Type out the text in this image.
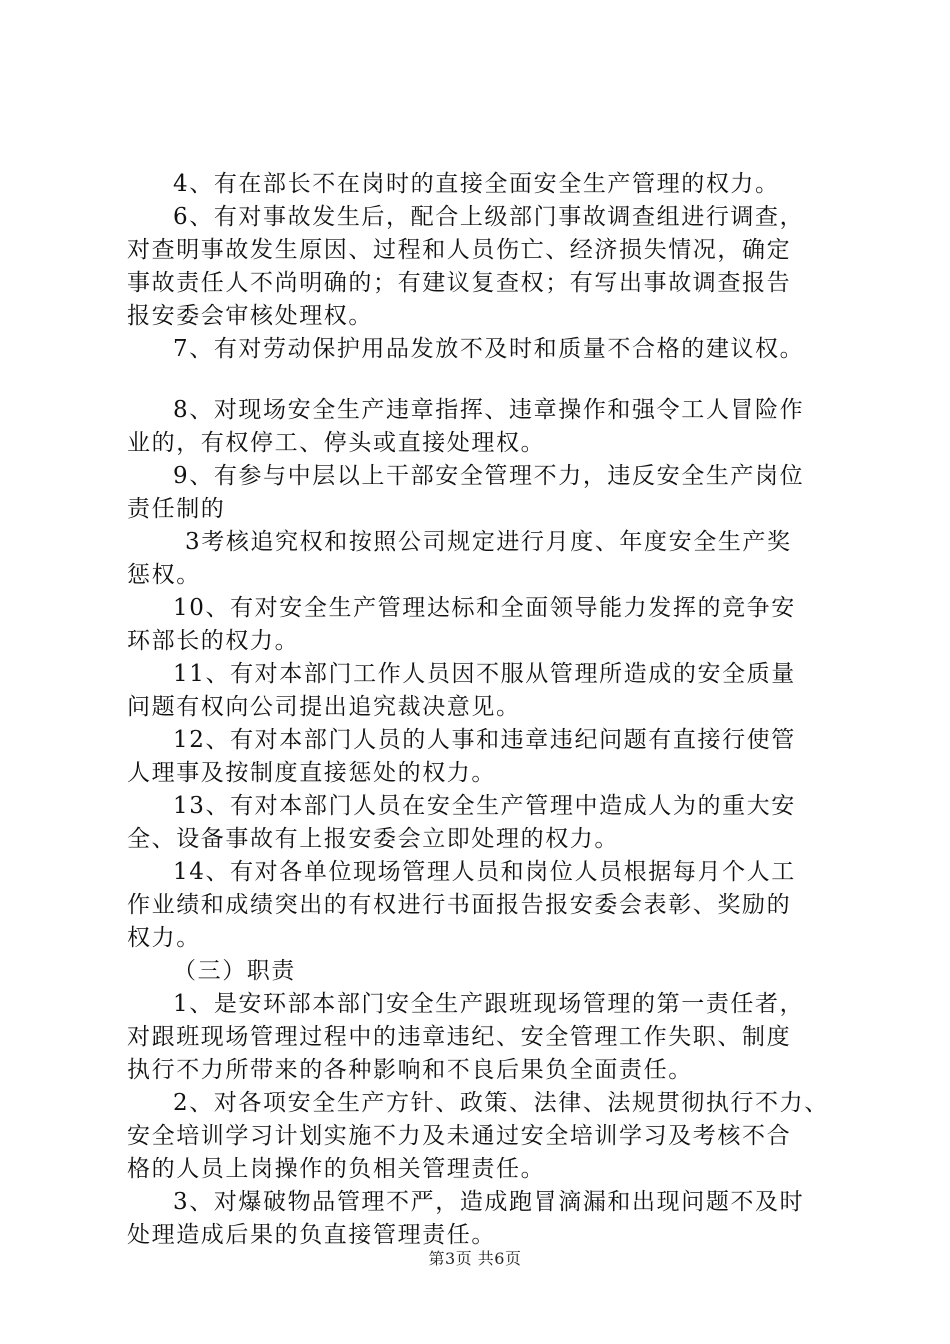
4、有在部长不在岗时的直接全面安全生产管理的权力。
6、有对事故发生后，配合上级部门事故调查组进行调查，
对查明事故发生原因、过程和人员伤亡、经济损失情况，确定
事故责任人不尚明确的；有建议复查权；有写出事故调查报告
报安委会审核处理权。
7、有对劳动保护用品发放不及时和质量不合格的建议权。
8、对现场安全生产违章指挥、违章操作和强令工人冒险作
业的，有权停工、停头或直接处理权。
9、有参与中层以上干部安全管理不力，违反安全生产岗位
责任制的
3考核追究权和按照公司规定进行月度、年度安全生产奖
惩权。
10、有对安全生产管理达标和全面领导能力发挥的竞争安
环部长的权力。
11、有对本部门工作人员因不服从管理所造成的安全质量
问题有权向公司提出追究裁决意见。
12、有对本部门人员的人事和违章违纪问题有直接行使管
人理事及按制度直接惩处的权力。
13、有对本部门人员在安全生产管理中造成人为的重大安
全、设备事故有上报安委会立即处理的权力。
14、有对各单位现场管理人员和岗位人员根据每月个人工
作业绩和成绩突出的有权进行书面报告报安委会表彰、奖励的
权力。
（三）职责
1、是安环部本部门安全生产跟班现场管理的第一责任者，
对跟班现场管理过程中的违章违纪、安全管理工作失职、制度
执行不力所带来的各种影响和不良后果负全面责任。
2、对各项安全生产方针、政策、法律、法规贯彻执行不力、
安全培训学习计划实施不力及未通过安全培训学习及考核不合
格的人员上岗操作的负相关管理责任。
3、对爆破物品管理不严，造成跑冒滴漏和出现问题不及时
处理造成后果的负直接管理责任。
第3页 共6页
